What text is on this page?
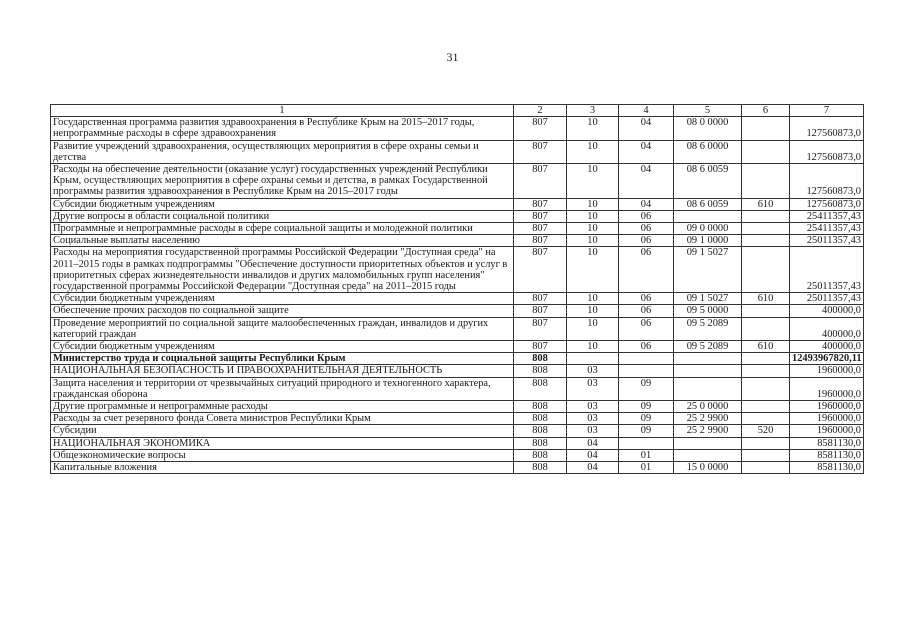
31
1	2	3	4	5	6	7
Государственная программа развития здравоохранения в Республике Крым на 2015–2017 годы, непрограммные расходы в сфере здравоохранения	807	10	04	08 0 0000		127560873,0
Развитие учреждений здравоохранения, осуществляющих мероприятия в сфере охраны семьи и детства	807	10	04	08 6 0000		127560873,0
Расходы на обеспечение деятельности (оказание услуг) государственных учреждений Республики Крым, осуществляющих мероприятия в сфере охраны семьи и детства, в рамках Государственной программы развития здравоохранения в Республике Крым на 2015–2017 годы	807	10	04	08 6 0059		127560873,0
Субсидии бюджетным учреждениям	807	10	04	08 6 0059	610	127560873,0
Другие вопросы в области социальной политики	807	10	06			25411357,43
Программные и непрограммные расходы в сфере социальной защиты и молодежной политики	807	10	06	09 0 0000		25411357,43
Социальные выплаты населению	807	10	06	09 1 0000		25011357,43
Расходы на мероприятия государственной программы Российской Федерации "Доступная среда" на 2011–2015 годы в рамках подпрограммы "Обеспечение доступности приоритетных объектов и услуг в приоритетных сферах жизнедеятельности инвалидов и других маломобильных групп населения" государственной программы Российской Федерации "Доступная среда" на 2011–2015 годы	807	10	06	09 1 5027		25011357,43
Субсидии бюджетным учреждениям	807	10	06	09 1 5027	610	25011357,43
Обеспечение прочих расходов по социальной защите	807	10	06	09 5 0000		400000,0
Проведение мероприятий по социальной защите малообеспеченных граждан, инвалидов и других категорий граждан	807	10	06	09 5 2089		400000,0
Субсидии бюджетным учреждениям	807	10	06	09 5 2089	610	400000,0
Министерство труда и социальной защиты Республики Крым	808					12493967820,11
НАЦИОНАЛЬНАЯ БЕЗОПАСНОСТЬ И ПРАВООХРАНИТЕЛЬНАЯ ДЕЯТЕЛЬНОСТЬ	808	03				1960000,0
Защита населения и территории от чрезвычайных ситуаций природного и техногенного характера, гражданская оборона	808	03	09			1960000,0
Другие программные и непрограммные расходы	808	03	09	25 0 0000		1960000,0
Расходы за счет резервного фонда Совета министров Республики Крым	808	03	09	25 2 9900		1960000,0
Субсидии	808	03	09	25 2 9900	520	1960000,0
НАЦИОНАЛЬНАЯ ЭКОНОМИКА	808	04				8581130,0
Общеэкономические вопросы	808	04	01			8581130,0
Капитальные вложения	808	04	01	15 0 0000		8581130,0
